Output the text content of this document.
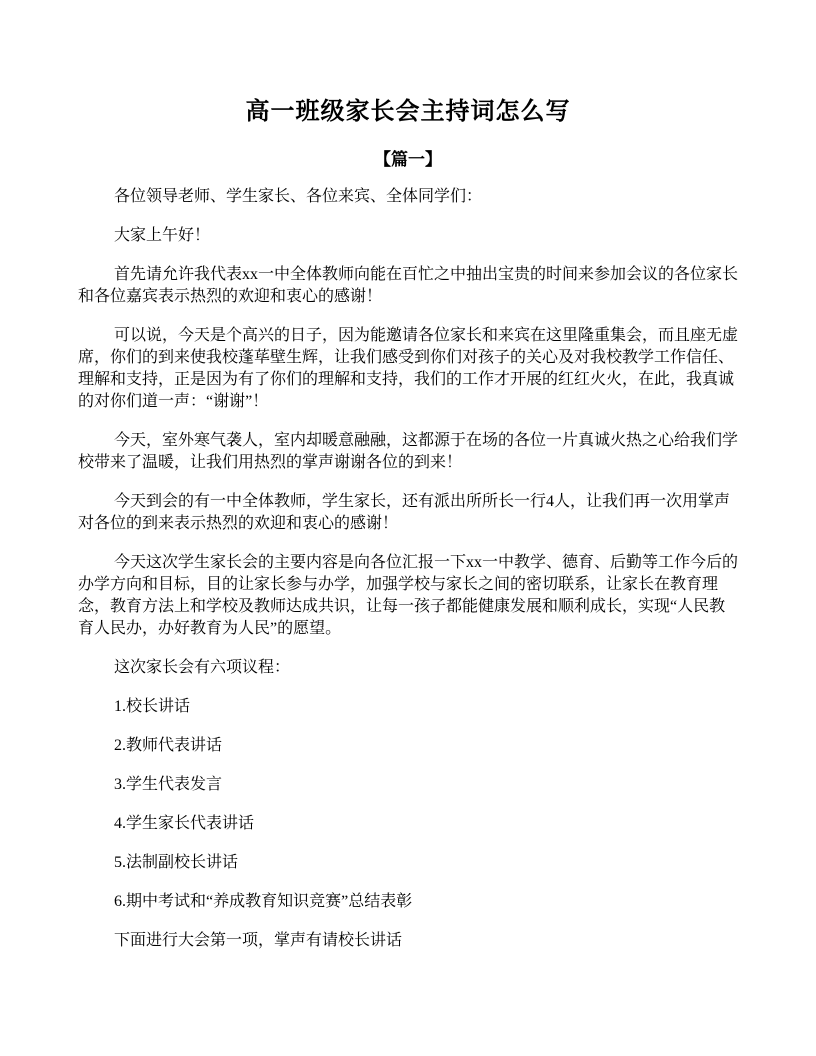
高一班级家长会主持词怎么写
【篇一】

各位领导老师、学生家长、各位来宾、全体同学们：

大家上午好！

首先请允许我代表xx一中全体教师向能在百忙之中抽出宝贵的时间来参加会议的各位家长和各位嘉宾表示热烈的欢迎和衷心的感谢！

可以说，今天是个高兴的日子，因为能邀请各位家长和来宾在这里隆重集会，而且座无虚席，你们的到来使我校蓬荜壁生辉，让我们感受到你们对孩子的关心及对我校教学工作信任、理解和支持，正是因为有了你们的理解和支持，我们的工作才开展的红红火火，在此，我真诚的对你们道一声：“谢谢”！

今天，室外寒气袭人，室内却暖意融融，这都源于在场的各位一片真诚火热之心给我们学校带来了温暖，让我们用热烈的掌声谢谢各位的到来！

今天到会的有一中全体教师，学生家长，还有派出所所长一行4人，让我们再一次用掌声对各位的到来表示热烈的欢迎和衷心的感谢！

今天这次学生家长会的主要内容是向各位汇报一下xx一中教学、德育、后勤等工作今后的办学方向和目标，目的让家长参与办学，加强学校与家长之间的密切联系，让家长在教育理念，教育方法上和学校及教师达成共识，让每一孩子都能健康发展和顺利成长，实现“人民教育人民办，办好教育为人民”的愿望。

这次家长会有六项议程：

1.校长讲话

2.教师代表讲话

3.学生代表发言

4.学生家长代表讲话

5.法制副校长讲话

6.期中考试和“养成教育知识竞赛”总结表彰

下面进行大会第一项，掌声有请校长讲话
